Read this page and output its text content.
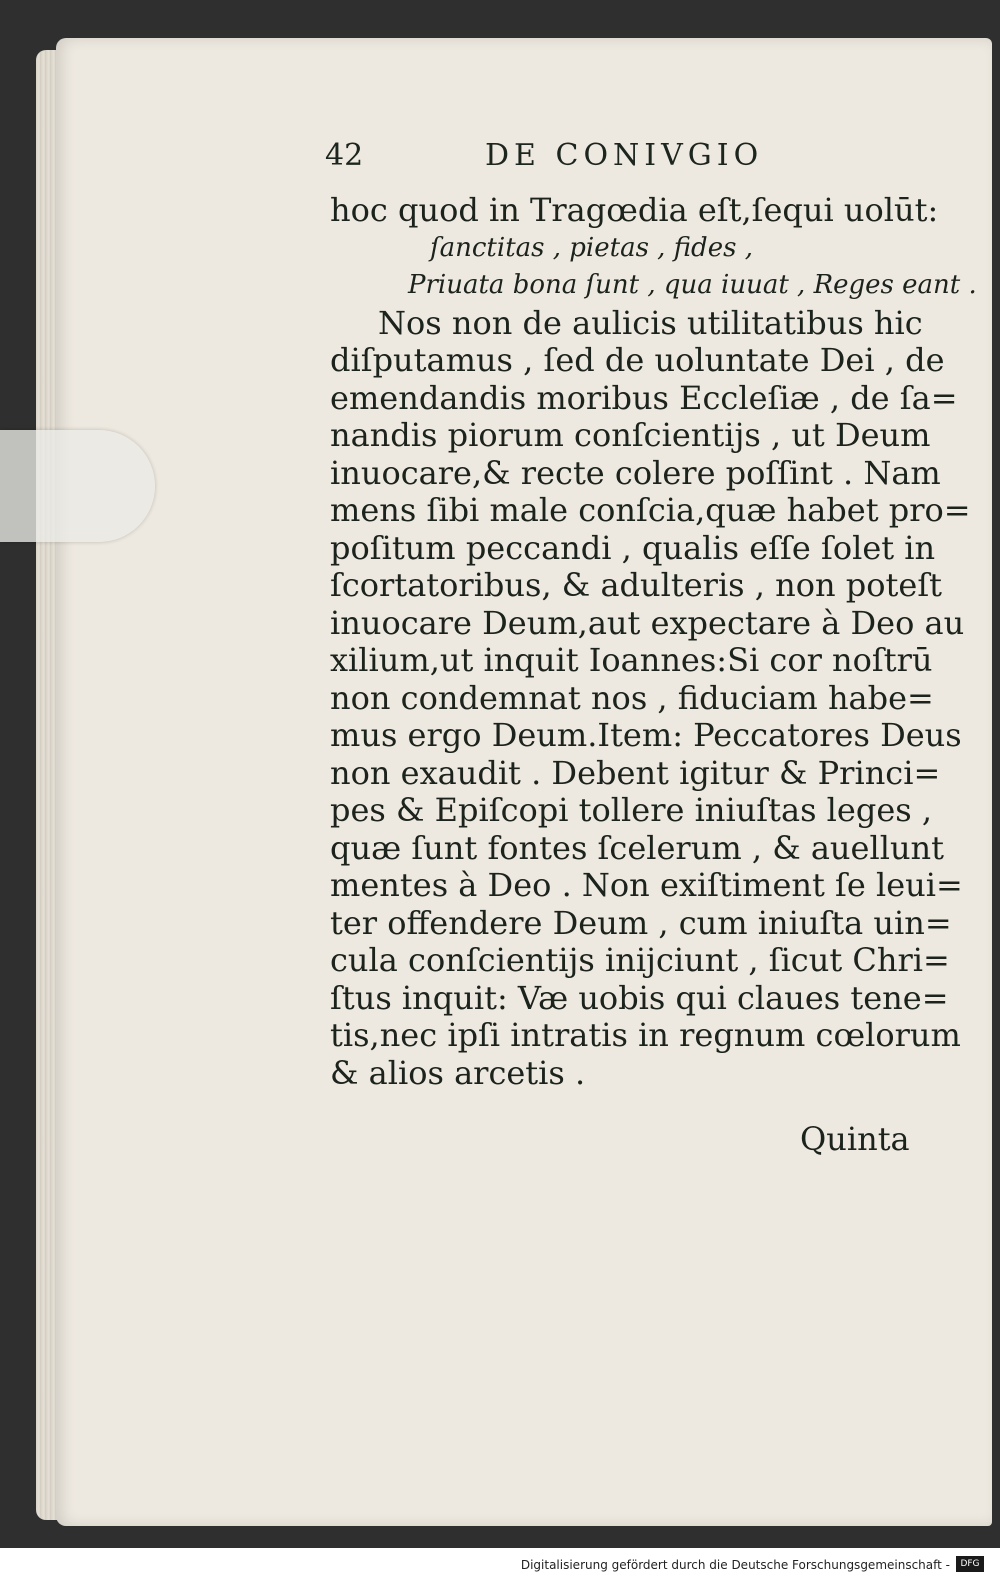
42	DE CONIVGIO
hoc quod in Tragœdia eſt,ſequi uolūt:
ſanctitas , pietas , fides ,
Priuata bona ſunt , qua iuuat , Reges eant .
Nos non de aulicis utilitatibus hic
diſputamus , ſed de uoluntate Dei , de
emendandis moribus Eccleſiæ , de ſa=
nandis piorum conſcientijs , ut Deum
inuocare,& recte colere poſſint . Nam
mens ſibi male conſcia,quæ habet pro=
poſitum peccandi , qualis eſſe ſolet in
ſcortatoribus, & adulteris , non poteſt
inuocare Deum,aut expectare à Deo au
xilium,ut inquit Ioannes:Si cor noſtrū
non condemnat nos , fiduciam habe=
mus ergo Deum.Item: Peccatores Deus
non exaudit . Debent igitur & Princi=
pes & Epiſcopi tollere iniuſtas leges ,
quæ ſunt fontes ſcelerum , & auellunt
mentes à Deo . Non exiſtiment ſe leui=
ter offendere Deum , cum iniuſta uin=
cula conſcientijs inijciunt , ſicut Chri=
ſtus inquit: Væ uobis qui claues tene=
tis,nec ipſi intratis in regnum cœlorum
& alios arcetis .
Quinta
Digitalisierung gefördert durch die Deutsche Forschungsgemeinschaft -	DFG
